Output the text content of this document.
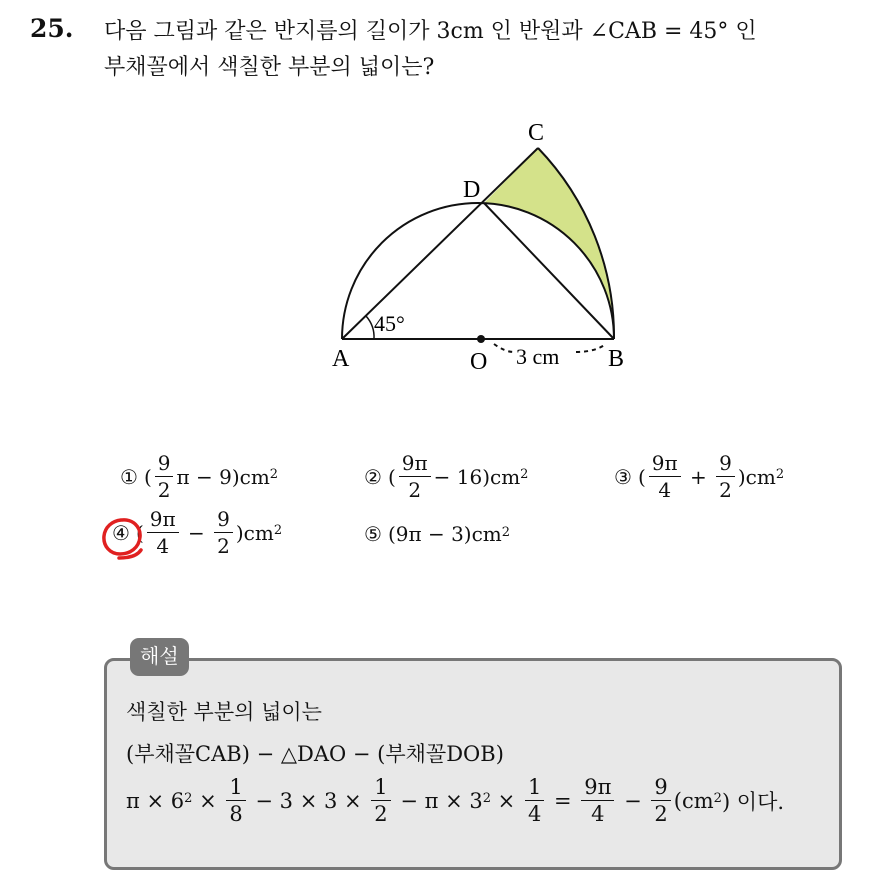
25. 다음 그림과 같은 반지름의 길이가 3cm 인 반원과 ∠CAB = 45° 인
부채꼴에서 색칠한 부분의 넓이는?
C
D
A	B
O
45°
3 cm
① ( $\frac{9}{2}$ $\pi - 9)cm^2$	② ( $\frac{9\pi}{2} - 16)cm^2$	③ ( $\frac{9\pi}{4} + \frac{9}{2} )cm^2$
④ ( $\frac{9\pi}{4} - \frac{9}{2} )cm^2$	⑤ $(9\pi - 3)cm^2$
해설
색칠한 부분의 넓이는
(부채꼴CAB) − △DAO − (부채꼴DOB)
$\pi \times 6^2 \times \frac{1}{8} - 3 \times 3 \times \frac{1}{2} - \pi \times 3^2 \times \frac{1}{4} = \frac{9\pi}{4} - \frac{9}{2} (cm^2$ ) 이다.
